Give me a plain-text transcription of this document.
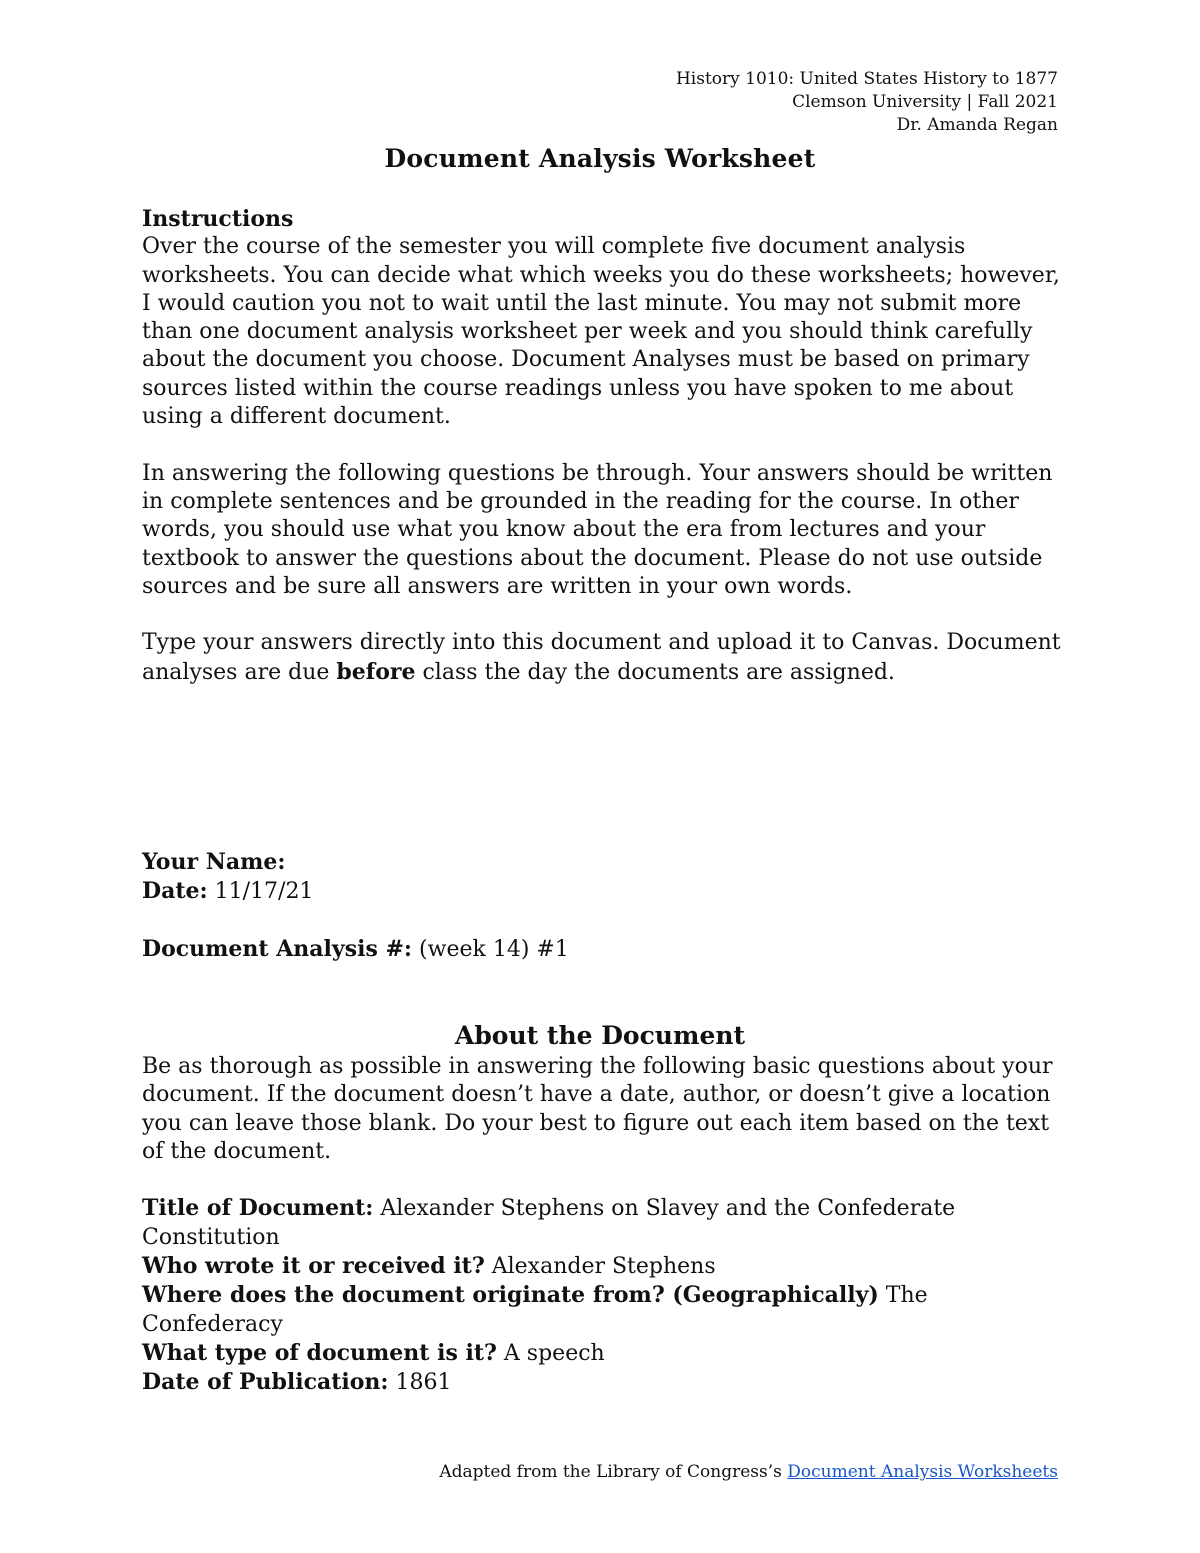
History 1010: United States History to 1877
Clemson University | Fall 2021
Dr. Amanda Regan
Document Analysis Worksheet

Instructions

Over the course of the semester you will complete five document analysis worksheets. You can decide what which weeks you do these worksheets; however, I would caution you not to wait until the last minute. You may not submit more than one document analysis worksheet per week and you should think carefully about the document you choose. Document Analyses must be based on primary sources listed within the course readings unless you have spoken to me about using a different document.

In answering the following questions be through. Your answers should be written in complete sentences and be grounded in the reading for the course. In other words, you should use what you know about the era from lectures and your textbook to answer the questions about the document. Please do not use outside sources and be sure all answers are written in your own words.

Type your answers directly into this document and upload it to Canvas. Document analyses are due before class the day the documents are assigned.

Your Name:

Date: 11/17/21

Document Analysis #: (week 14) #1

About the Document

Be as thorough as possible in answering the following basic questions about your document. If the document doesn’t have a date, author, or doesn’t give a location you can leave those blank. Do your best to figure out each item based on the text of the document.

Title of Document: Alexander Stephens on Slavey and the Confederate Constitution

Who wrote it or received it? Alexander Stephens

Where does the document originate from? (Geographically) The Confederacy

What type of document is it? A speech

Date of Publication: 1861

Adapted from the Library of Congress’s Document Analysis Worksheets
